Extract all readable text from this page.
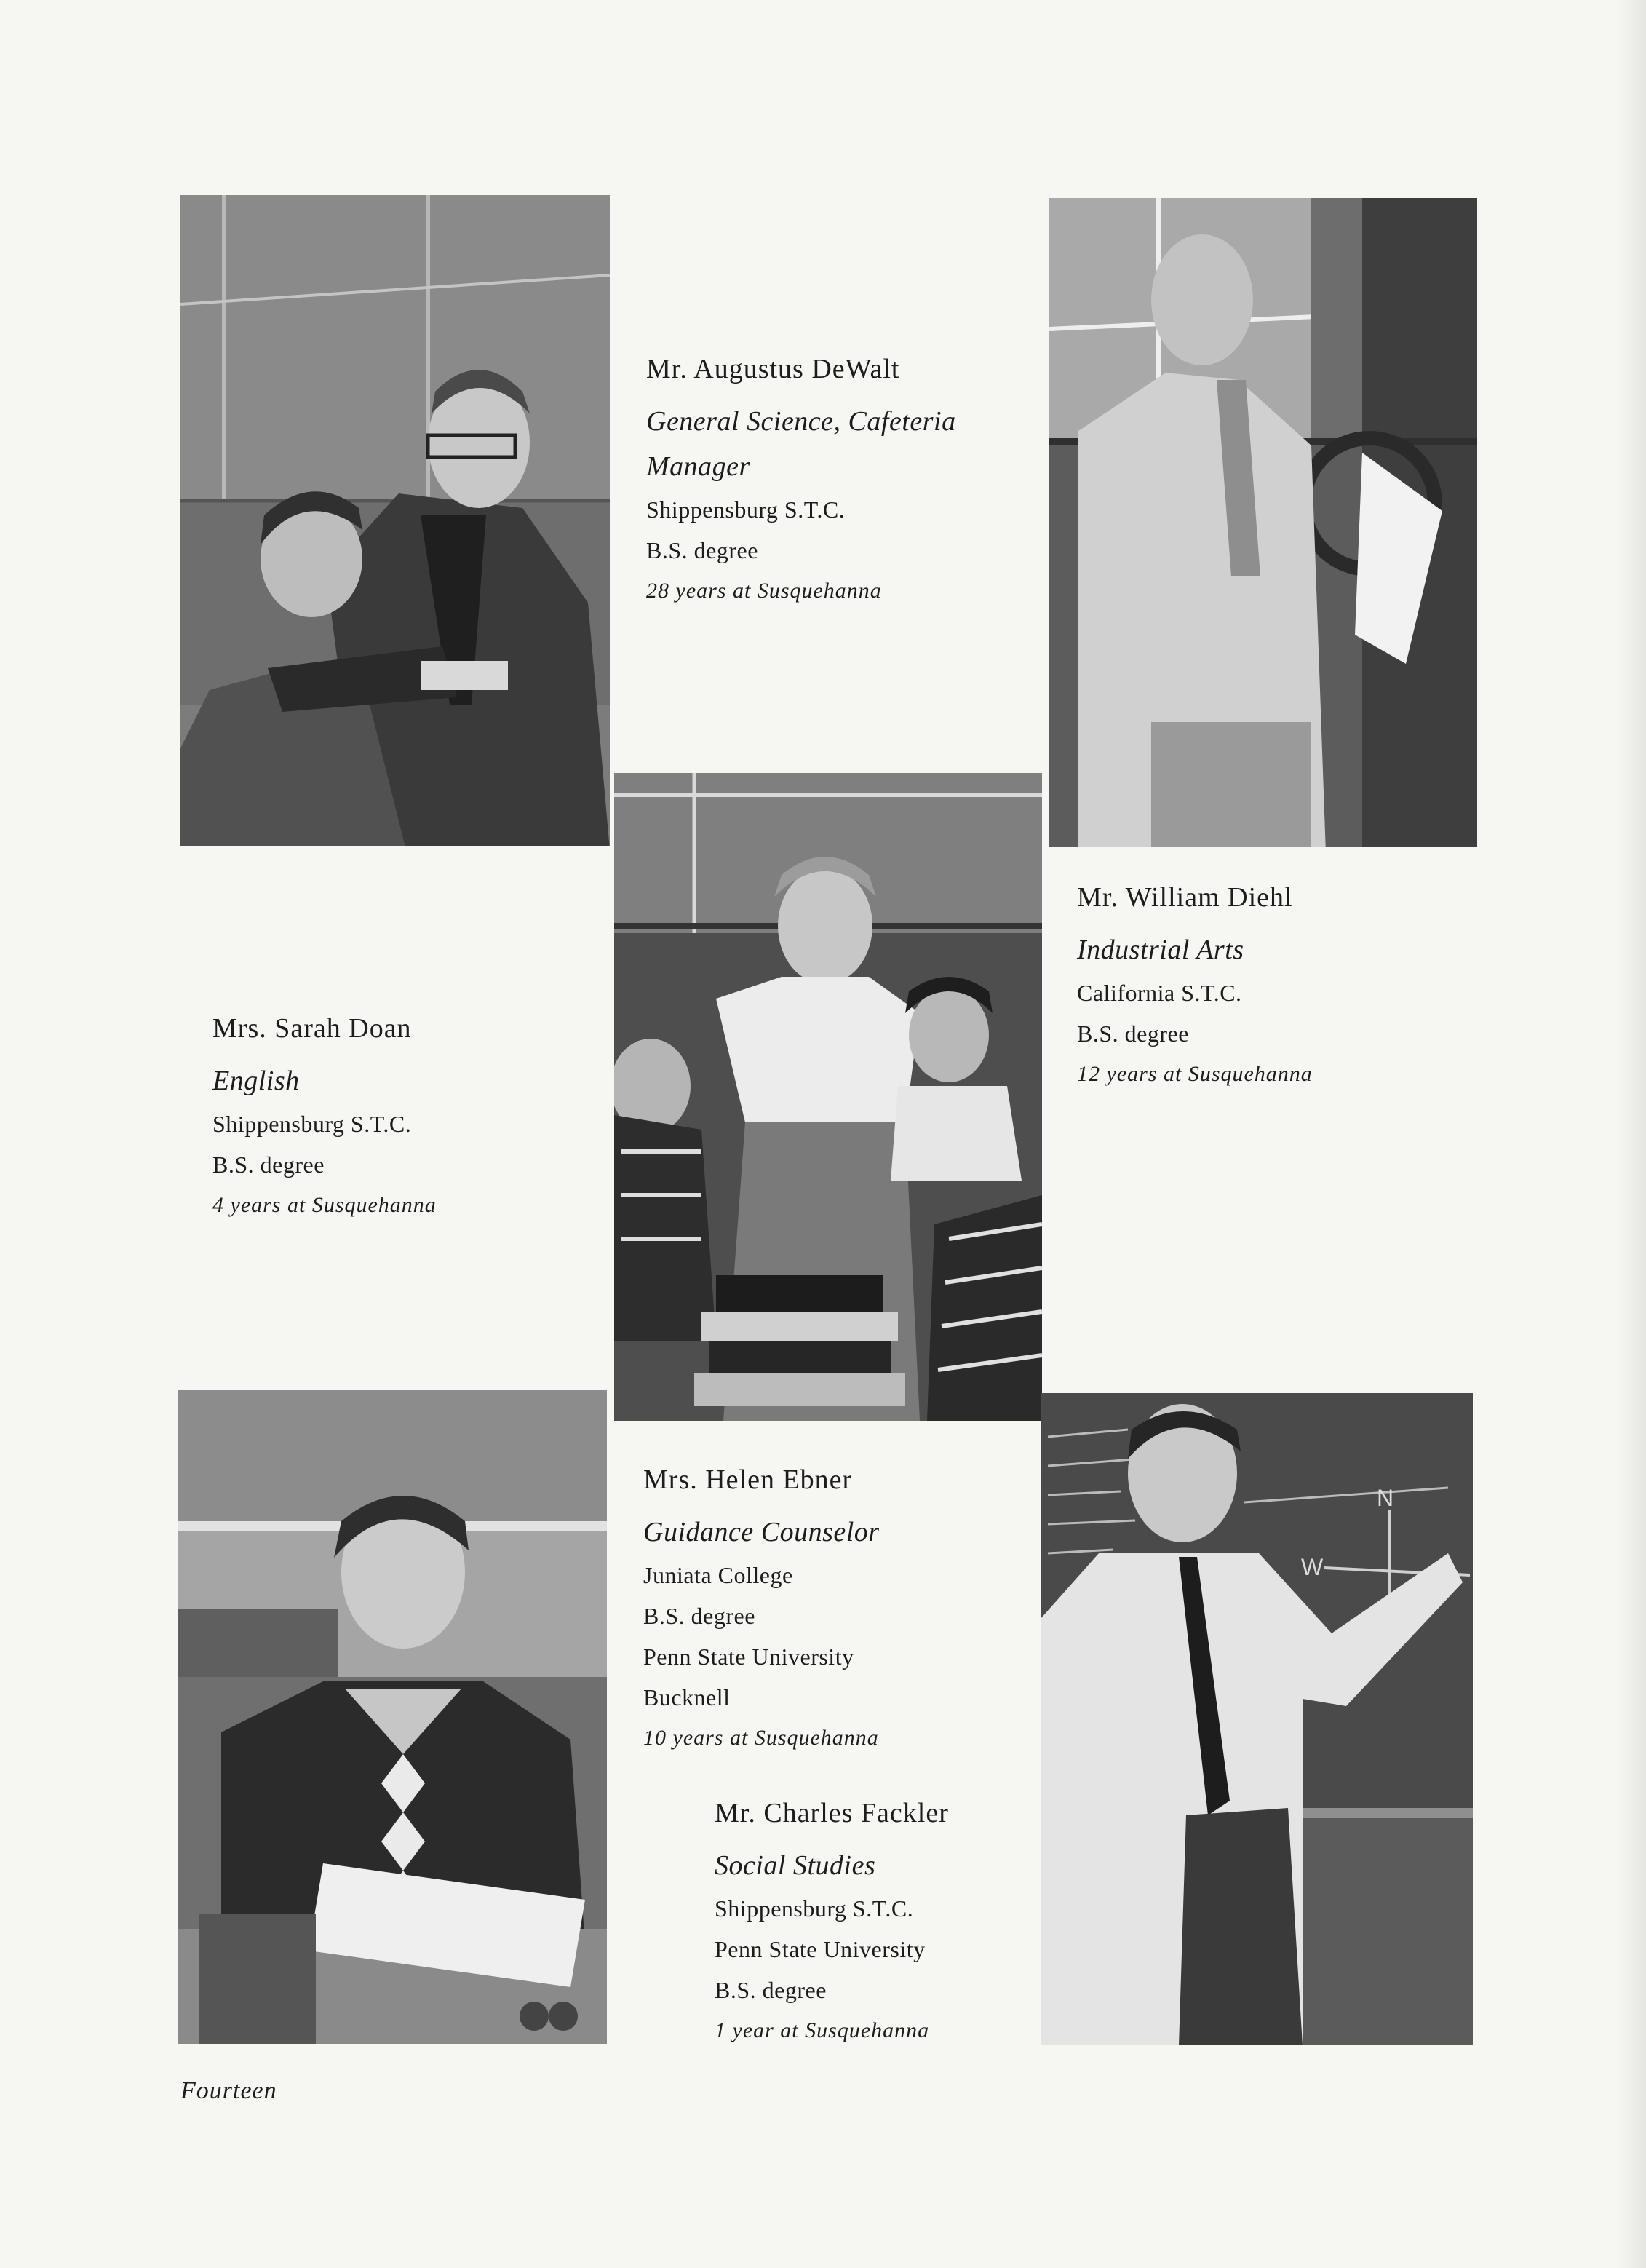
N
W
Mr. Augustus DeWalt
General Science, Cafeteria
Manager
Shippensburg S.T.C.
B.S. degree
28 years at Susquehanna
Mr. William Diehl
Industrial Arts
California S.T.C.
B.S. degree
12 years at Susquehanna
Mrs. Sarah Doan
English
Shippensburg S.T.C.
B.S. degree
4 years at Susquehanna
Mrs. Helen Ebner
Guidance Counselor
Juniata College
B.S. degree
Penn State University
Bucknell
10 years at Susquehanna
Mr. Charles Fackler
Social Studies
Shippensburg S.T.C.
Penn State University
B.S. degree
1 year at Susquehanna
Fourteen
